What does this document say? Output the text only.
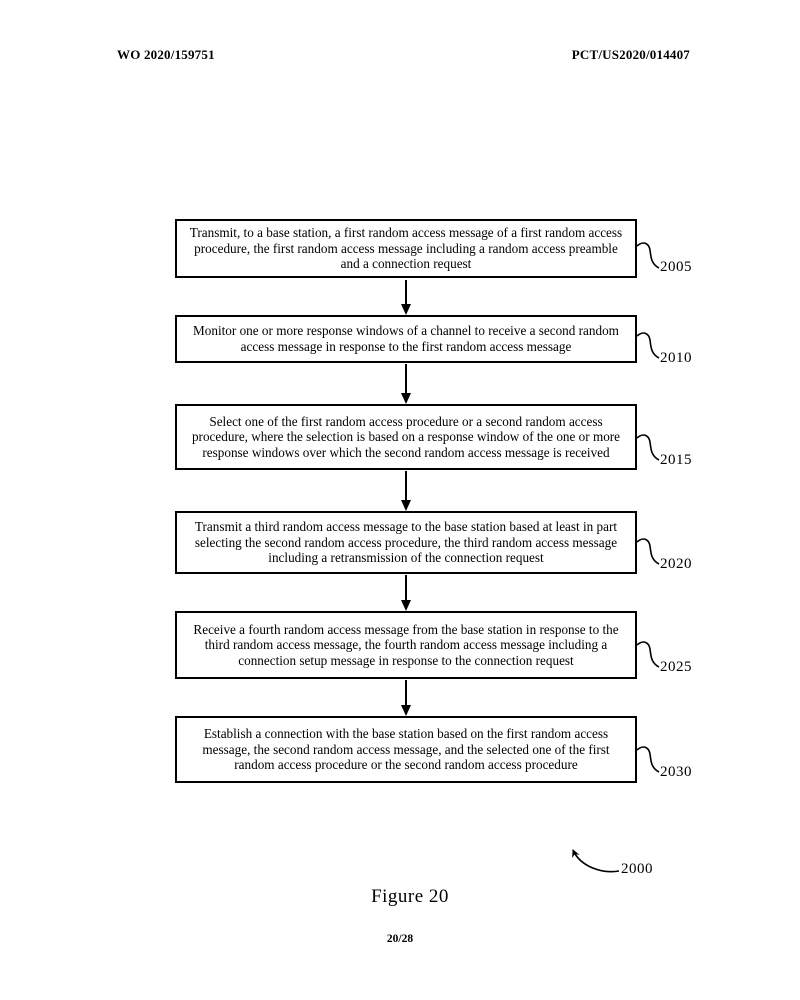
WO 2020/159751	PCT/US2020/014407
Transmit, to a base station, a first random access message of a first random access procedure, the first random access message including a random access preamble and a connection request
Monitor one or more response windows of a channel to receive a second random access message in response to the first random access message
Select one of the first random access procedure or a second random access procedure, where the selection is based on a response window of the one or more response windows over which the second random access message is received
Transmit a third random access message to the base station based at least in part selecting the second random access procedure, the third random access message including a retransmission of the connection request
Receive a fourth random access message from the base station in response to the third random access message, the fourth random access message including a connection setup message in response to the connection request
Establish a connection with the base station based on the first random access message, the second random access message, and the selected one of the first random access procedure or the second random access procedure
2005
2010
2015
2020
2025
2030
2000
Figure 20
20/28
